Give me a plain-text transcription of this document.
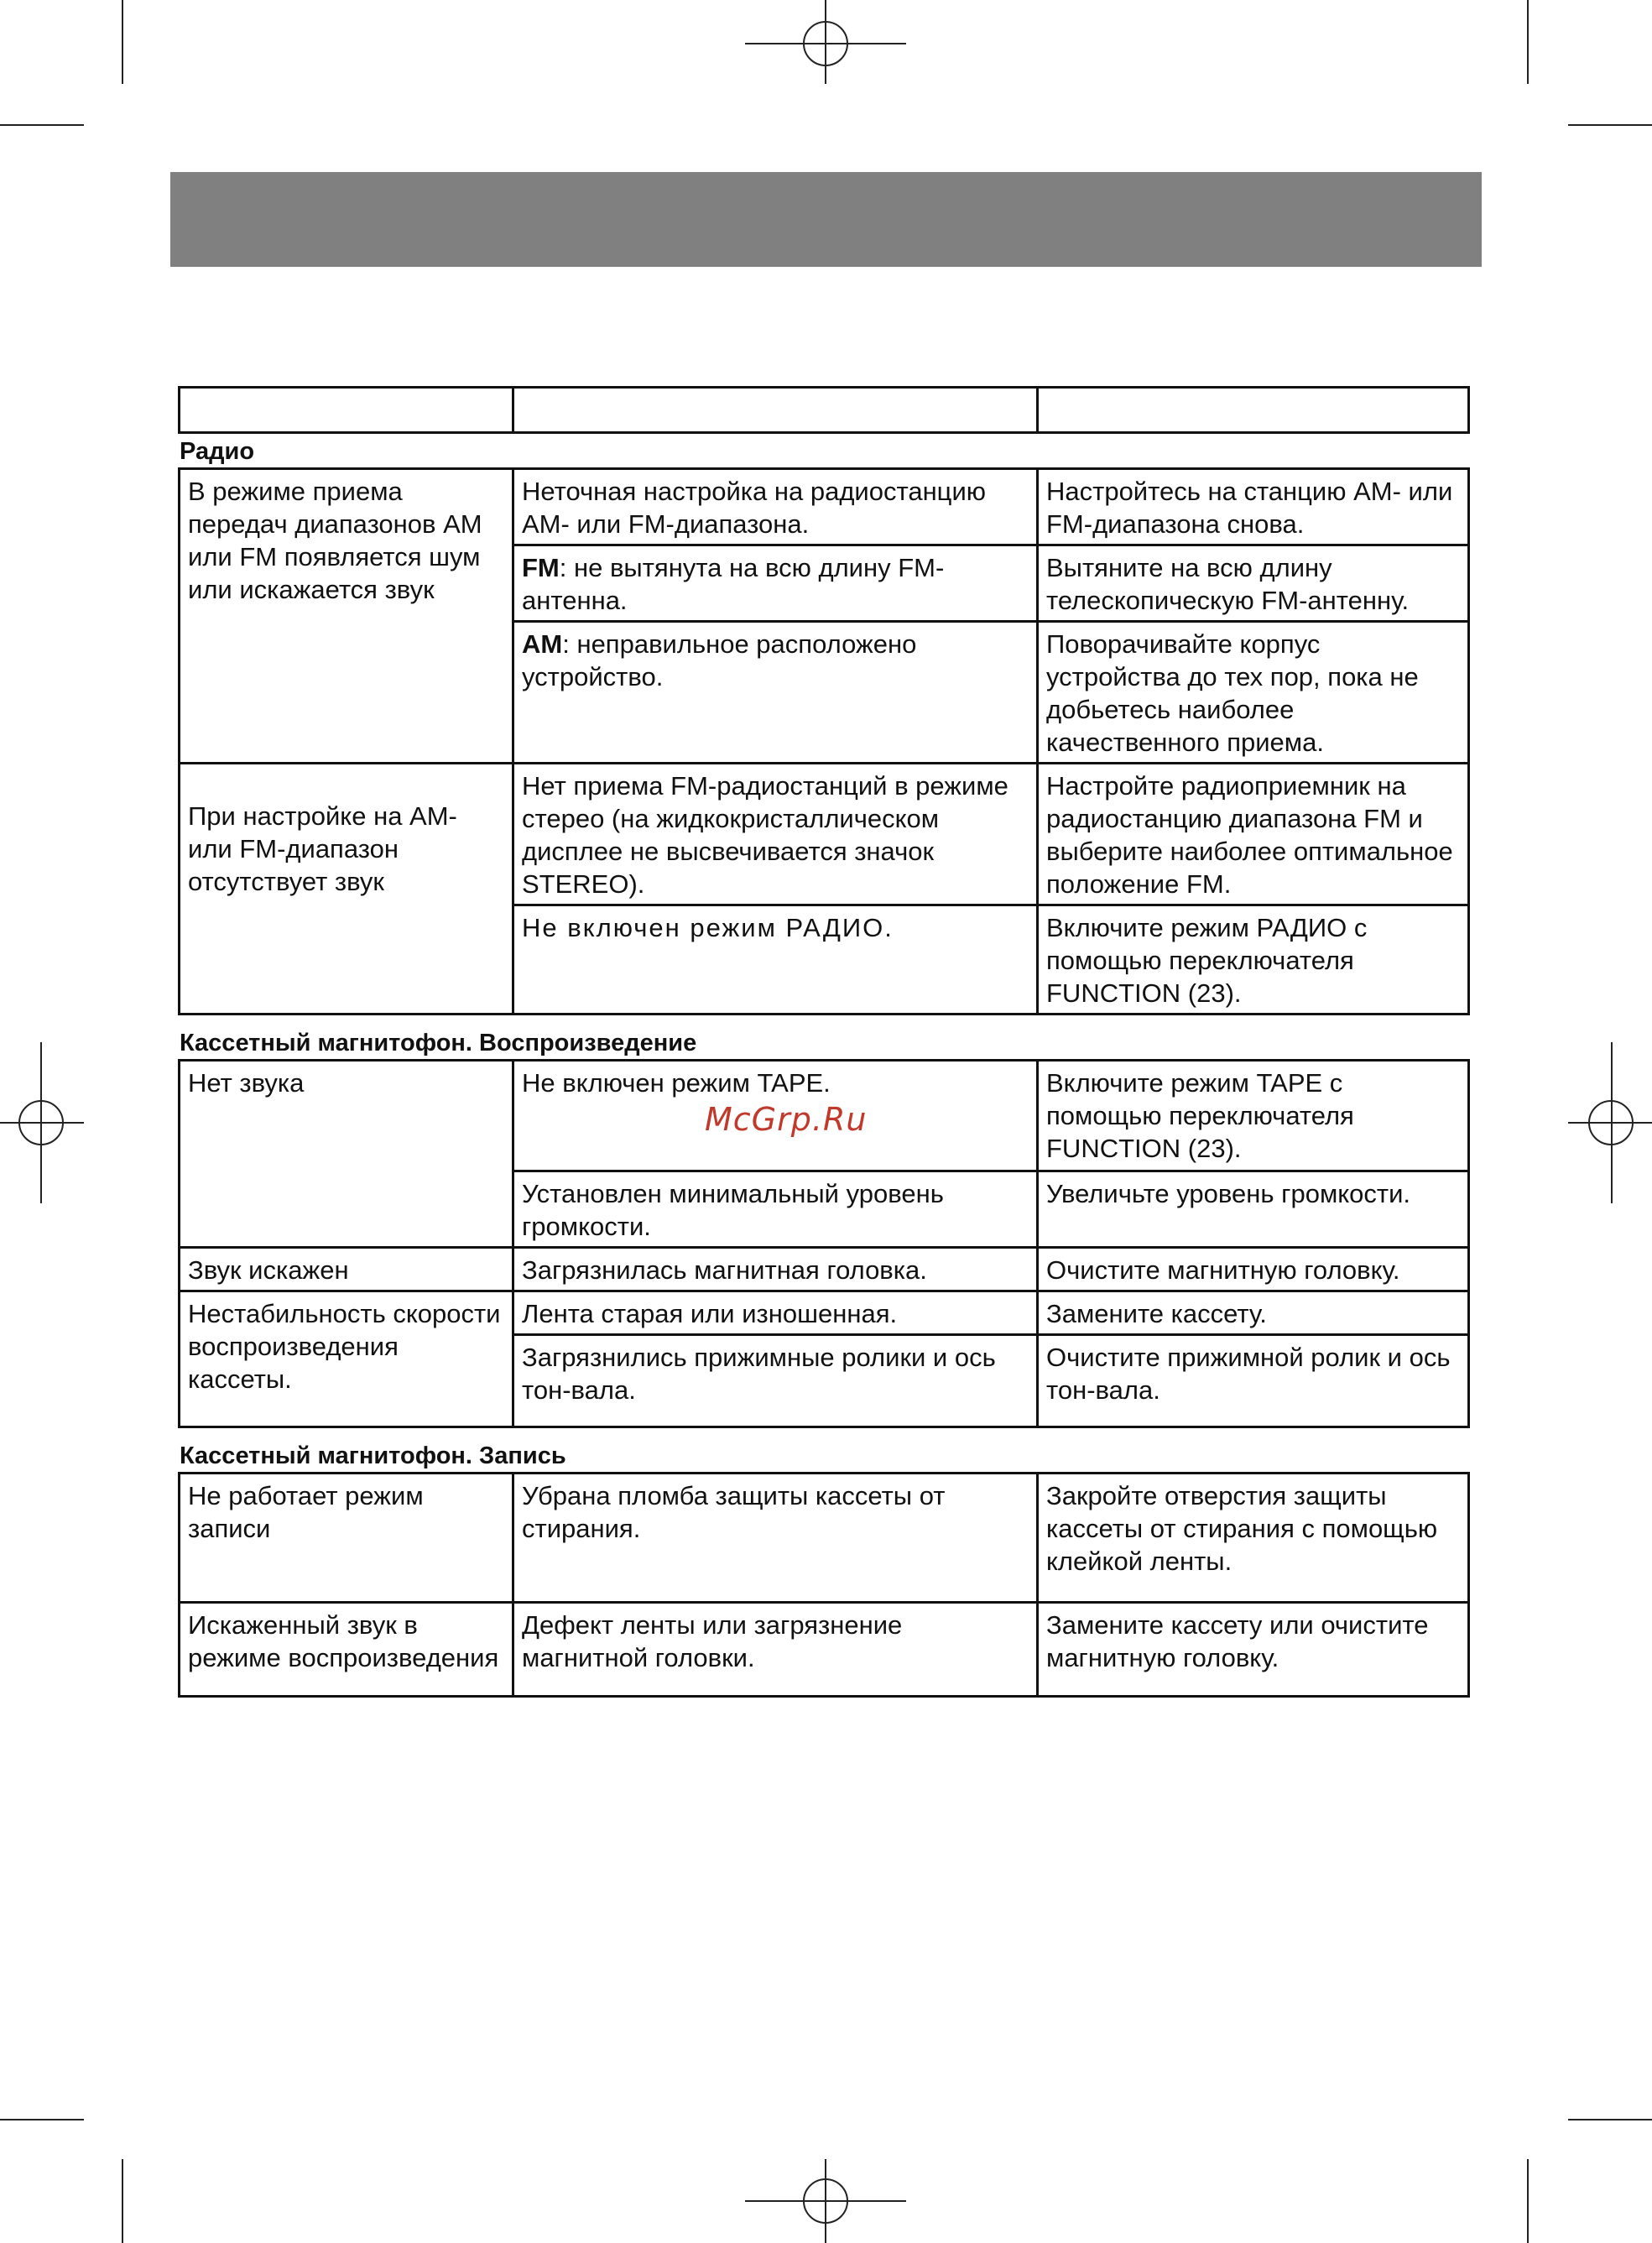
Радио
В режиме приема передач диапазонов AM или FM появляется шум или искажается звук	Неточная настройка на радиостанцию AM- или FM-диапазона.	Настройтесь на станцию AM- или FM-диапазона снова.
	FM: не вытянута на всю длину FM-антенна.	Вытяните на всю длину телескопическую FM-антенну.
	AM: неправильное расположено устройство.	Поворачивайте корпус устройства до тех пор, пока не добьетесь наиболее качественного приема.
При настройке на AM- или FM-диапазон отсутствует звук	Нет приема FM-радиостанций в режиме стерео (на жидкокристаллическом дисплее не высвечивается значок STEREO).	Настройте радиоприемник на радиостанцию диапазона FM и выберите наиболее оптимальное положение FM.
	Не включен режим РАДИО.	Включите режим РАДИО с помощью переключателя FUNCTION (23).
Кассетный магнитофон. Воспроизведение
Нет звука	Не включен режим TAPE.	Включите режим TAPE с помощью переключателя FUNCTION (23).
	Установлен минимальный уровень громкости.	Увеличьте уровень громкости.
Звук искажен	Загрязнилась магнитная головка.	Очистите магнитную головку.
Нестабильность скорости воспроизведения кассеты.	Лента старая или изношенная.	Замените кассету.
	Загрязнились прижимные ролики и ось тон-вала.	Очистите прижимной ролик и ось тон-вала.
Кассетный магнитофон. Запись
Не работает режим записи	Убрана пломба защиты кассеты от стирания.	Закройте отверстия защиты кассеты от стирания с помощью клейкой ленты.
Искаженный звук в режиме воспроизведения	Дефект ленты или загрязнение магнитной головки.	Замените кассету или очистите магнитную головку.
McGrp.Ru
